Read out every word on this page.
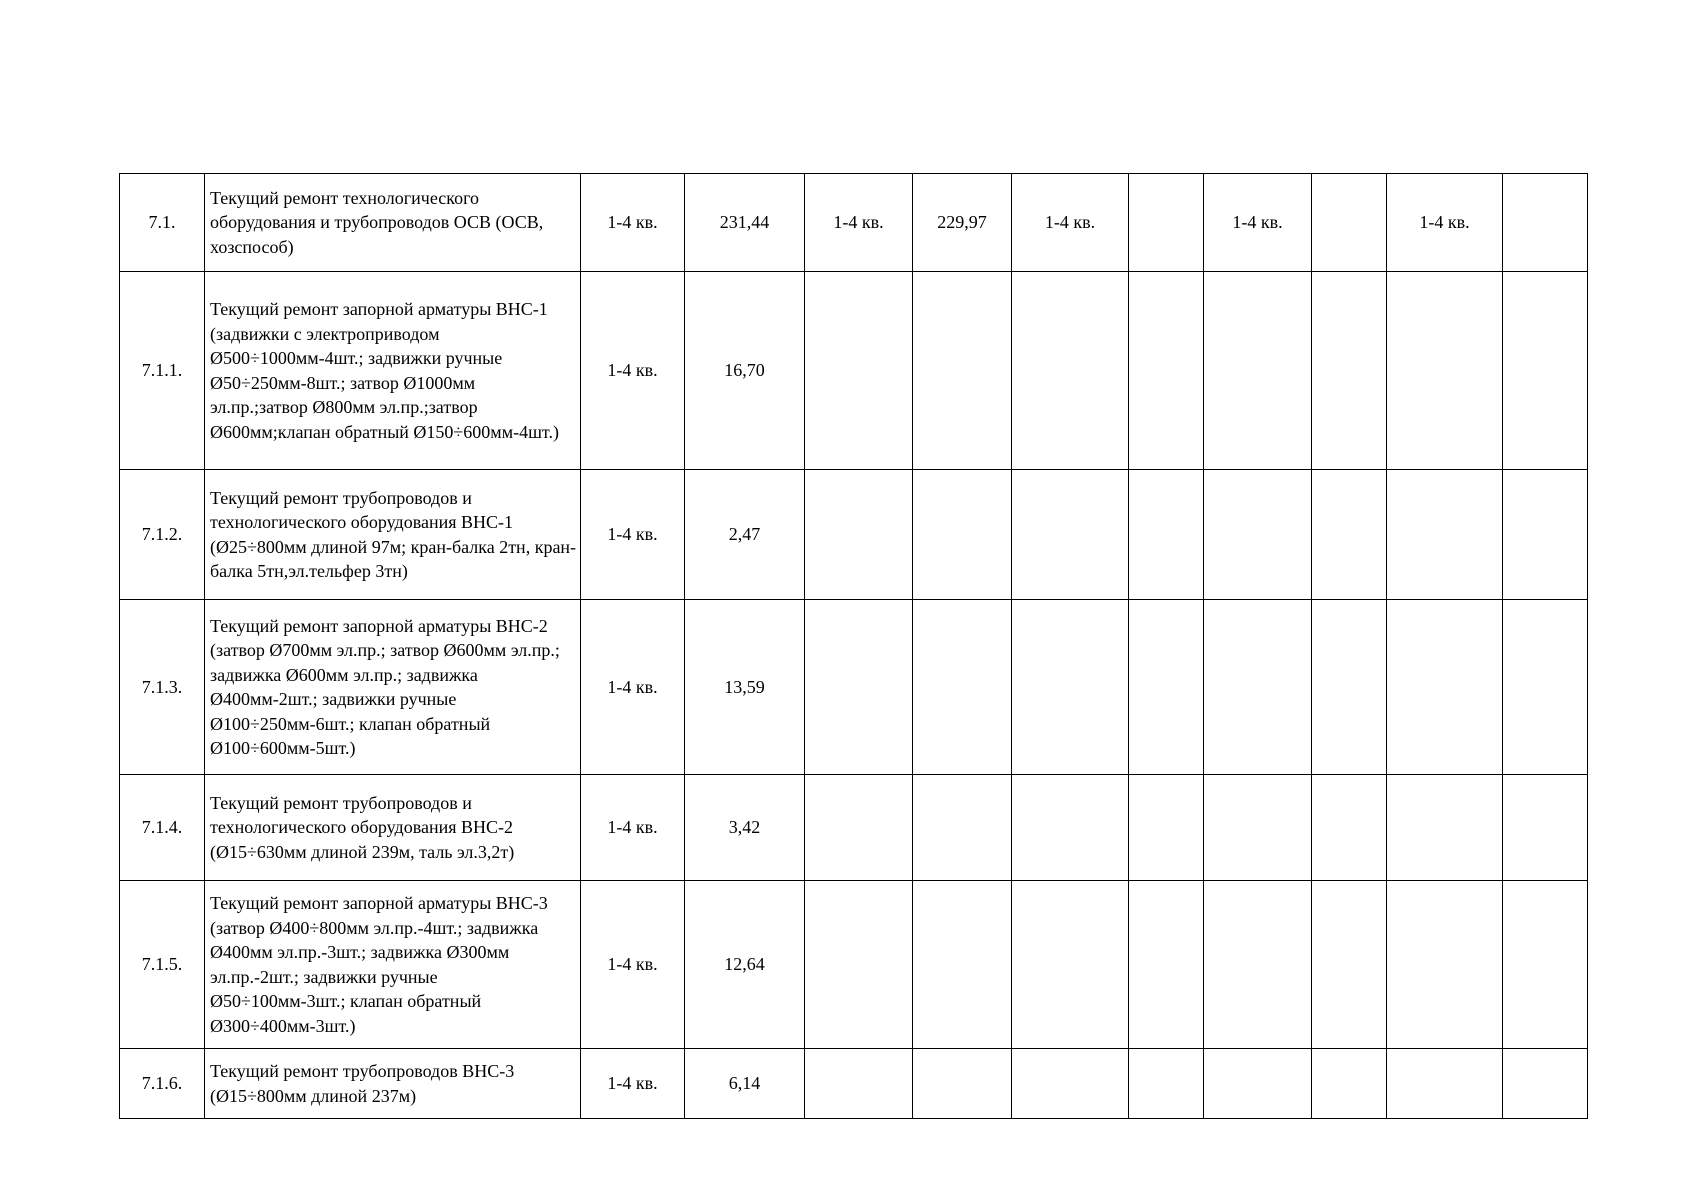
7.1.	Текущий ремонт технологического оборудования и трубопроводов ОСВ (ОСВ, хозспособ)	1-4 кв.	231,44	1-4 кв.	229,97	1-4 кв.		1-4 кв.		1-4 кв.	
7.1.1.	Текущий ремонт запорной арматуры ВНС-1 (задвижки с электроприводом Ø500÷1000мм-4шт.; задвижки ручные Ø50÷250мм-8шт.; затвор Ø1000мм эл.пр.;затвор Ø800мм эл.пр.;затвор Ø600мм;клапан обратный Ø150÷600мм-4шт.)	1-4 кв.	16,70								
7.1.2.	Текущий ремонт трубопроводов и технологического оборудования ВНС-1 (Ø25÷800мм длиной 97м; кран-балка 2тн, кран-балка 5тн,эл.тельфер 3тн)	1-4 кв.	2,47								
7.1.3.	Текущий ремонт запорной арматуры ВНС-2 (затвор Ø700мм эл.пр.; затвор Ø600мм эл.пр.; задвижка Ø600мм эл.пр.; задвижка Ø400мм-2шт.; задвижки ручные Ø100÷250мм-6шт.; клапан обратный Ø100÷600мм-5шт.)	1-4 кв.	13,59								
7.1.4.	Текущий ремонт трубопроводов и технологического оборудования ВНС-2 (Ø15÷630мм длиной 239м, таль эл.3,2т)	1-4 кв.	3,42								
7.1.5.	Текущий ремонт запорной арматуры ВНС-3 (затвор Ø400÷800мм эл.пр.-4шт.; задвижка Ø400мм эл.пр.-3шт.; задвижка Ø300мм эл.пр.-2шт.; задвижки ручные Ø50÷100мм-3шт.; клапан обратный Ø300÷400мм-3шт.)	1-4 кв.	12,64								
7.1.6.	Текущий ремонт трубопроводов ВНС-3 (Ø15÷800мм длиной 237м)	1-4 кв.	6,14								
